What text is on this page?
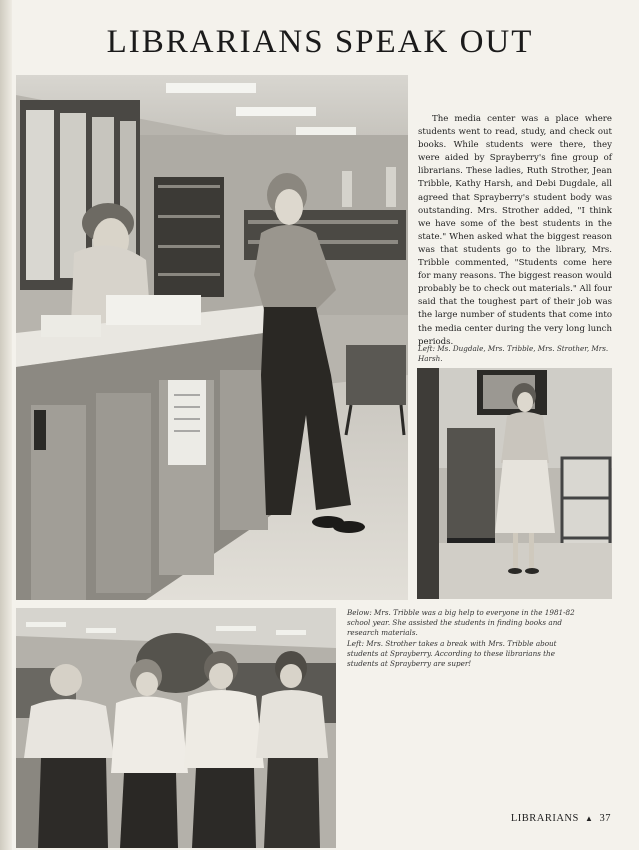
LIBRARIANS SPEAK OUT

The media center was a place where students went to read, study, and check out books. While students were there, they were aided by Sprayberry's fine group of librarians. These ladies, Ruth Strother, Jean Tribble, Kathy Harsh, and Debi Dugdale, all agreed that Sprayberry's student body was outstanding. Mrs. Strother added, "I think we have some of the best students in the state." When asked what the biggest reason was that students go to the library, Mrs. Tribble commented, "Students come here for many reasons. The biggest reason would probably be to check out materials." All four said that the toughest part of their job was the large number of students that come into the media center during the very long lunch periods.

Left: Ms. Dugdale, Mrs. Tribble, Mrs. Strother, Mrs. Harsh.

Below: Mrs. Tribble was a big help to everyone in the 1981-82 school year. She assisted the students in finding books and research materials.

Left: Mrs. Strother takes a break with Mrs. Tribble about students at Sprayberry. According to these librarians the students at Sprayberry are super!

LIBRARIANS ▲ 37
